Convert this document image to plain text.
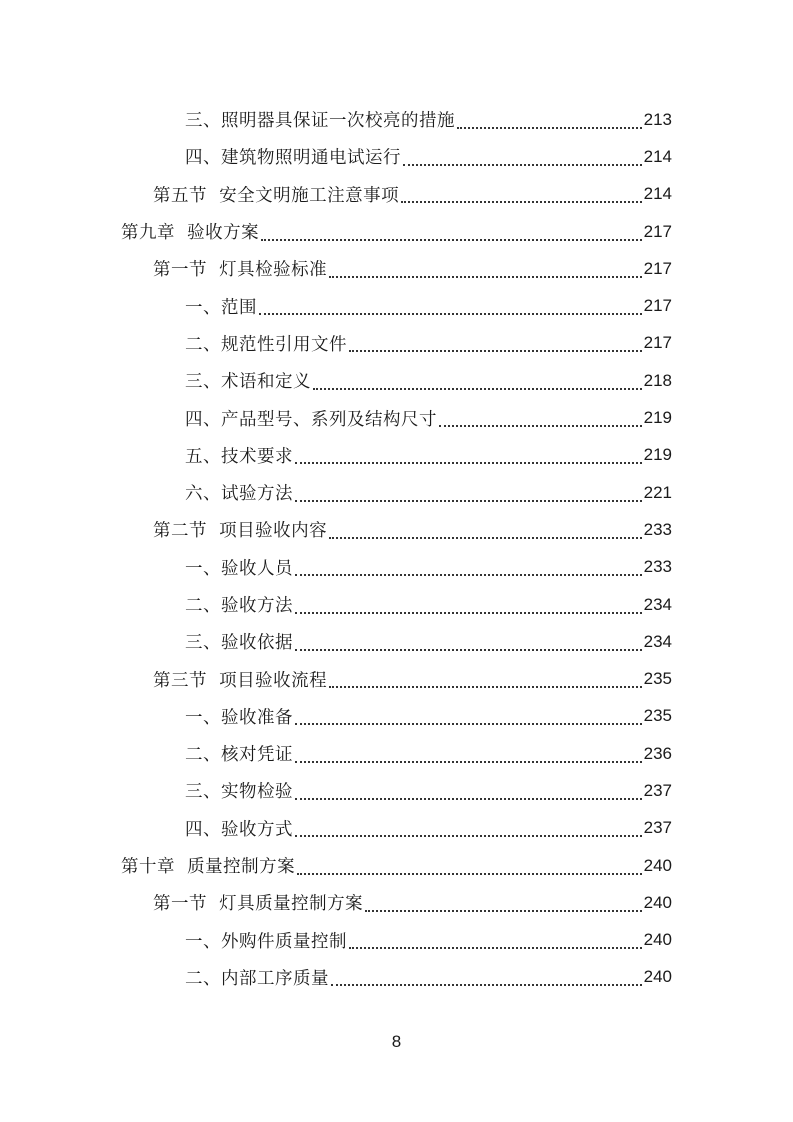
三、照明器具保证一次校亮的措施	213
四、建筑物照明通电试运行	214
第五节  安全文明施工注意事项	214
第九章  验收方案	217
第一节  灯具检验标准	217
一、范围	217
二、规范性引用文件	217
三、术语和定义	218
四、产品型号、系列及结构尺寸	219
五、技术要求	219
六、试验方法	221
第二节  项目验收内容	233
一、验收人员	233
二、验收方法	234
三、验收依据	234
第三节  项目验收流程	235
一、验收准备	235
二、核对凭证	236
三、实物检验	237
四、验收方式	237
第十章  质量控制方案	240
第一节  灯具质量控制方案	240
一、外购件质量控制	240
二、内部工序质量	240
8
